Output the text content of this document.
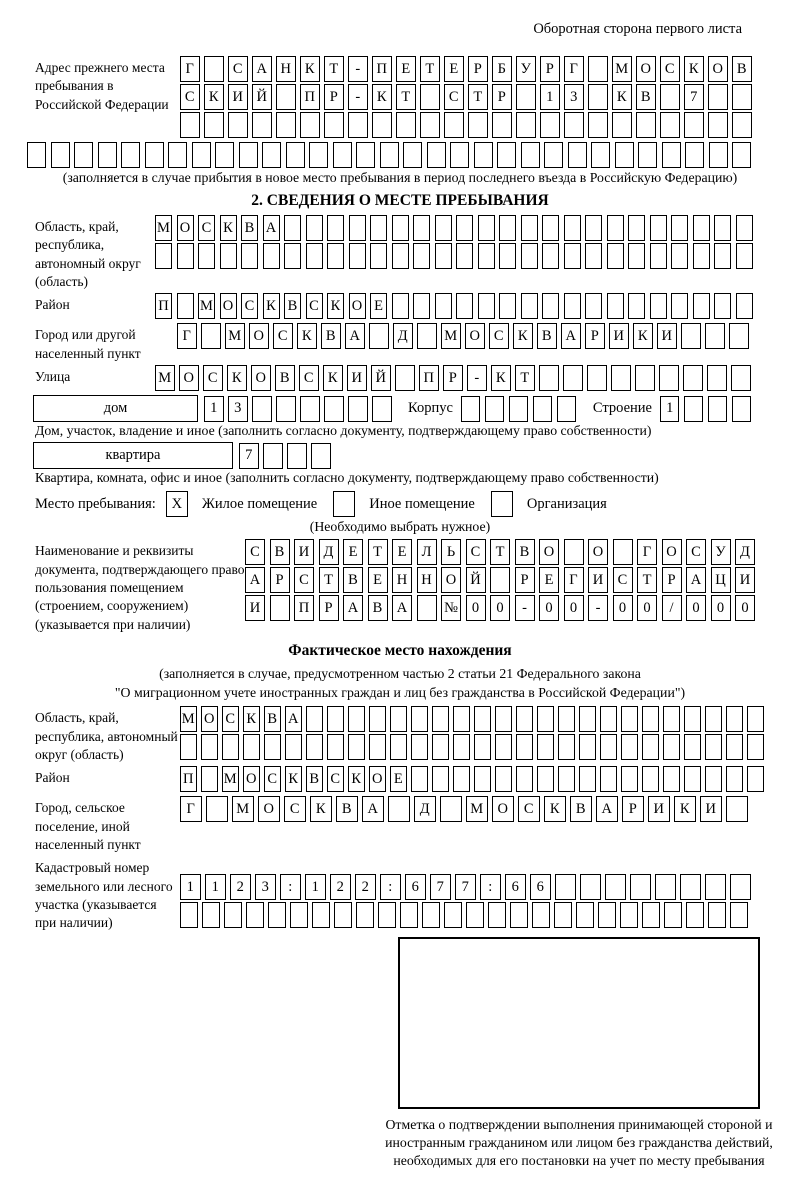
Оборотная сторона первого листа
Адрес прежнего места пребывания в Российской Федерации
Г	С А Н К	Т	-	П Е	Т	Е	Р	Б	У	Р	Г	М О С К О В
С К И Й	П	Р	-	К	Т	С	Т	Р	1	3	К В	7
(заполняется в случае прибытия в новое место пребывания в период последнего въезда в Российскую Федерацию)
2. СВЕДЕНИЯ О МЕСТЕ ПРЕБЫВАНИЯ
Область, край, республика, автономный округ (область)
М О С К В А
Район	П М О С К В С К О Е
Город или другой населенный пункт
Г	М О С К В А	Д	М О С К В А	Р	И К И
Улица	М О С К О В С К И Й	П	Р	-	К	Т
дом	1	3	Корпус	Строение 1
Дом, участок, владение и иное (заполнить согласно документу, подтверждающему право собственности)
квартира	7
Квартира, комната, офис и иное (заполнить согласно документу, подтверждающему право собственности)
Место пребывания:	X	Жилое помещение	Иное помещение	Организация
(Необходимо выбрать нужное)
Наименование и реквизиты документа, подтверждающего право пользования помещением (строением, сооружением) (указывается при наличии)
С	В И Д	Е	Т	Е	Л	Ь	С	Т	В О	О	Г	О С	У Д
А	Р	С	Т	В	Е	Н Н О Й	Р	Е	Г	И С	Т	Р	А Ц И
И	П	Р	А В А	№ 0	0	-	0	0	-	0	0	/	0	0	0
Фактическое место нахождения
(заполняется в случае, предусмотренном частью 2 статьи 21 Федерального закона
"О миграционном учете иностранных граждан и лиц без гражданства в Российской Федерации")
Область, край, республика, автономный округ (область)
М О С К В А
Район	П М О С К В С К О Е
Город, сельское поселение, иной населенный пункт
Г	М О	С	К	В	А	Д	М О	С	К	В	А	Р	И	К	И
Кадастровый номер земельного или лесного участка (указывается при наличии)
1	1	2	3	:	1	2	2	:	6	7	7	:	6	6
Отметка о подтверждении выполнения принимающей стороной и иностранным гражданином или лицом без гражданства действий, необходимых для его постановки на учет по месту пребывания
